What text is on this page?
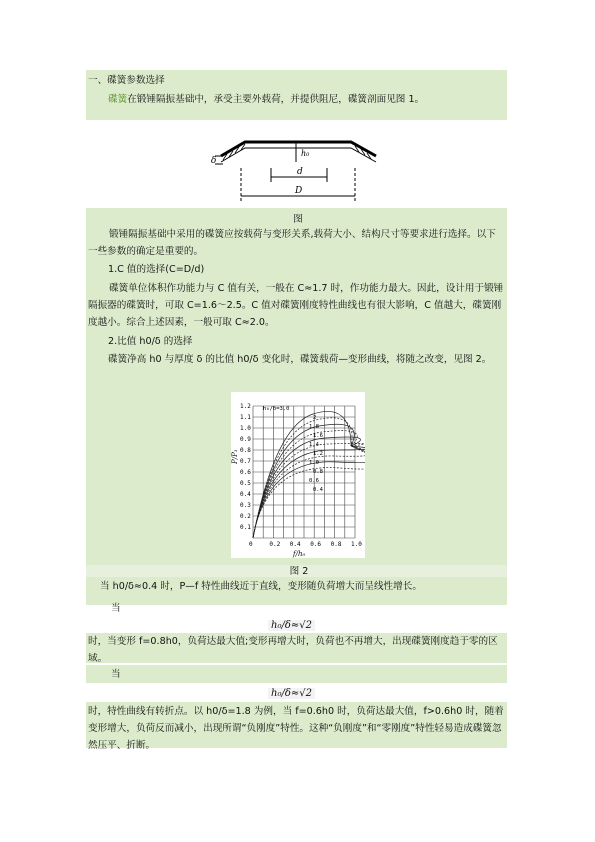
一、碟簧参数选择
碟簧在锻锤隔振基础中，承受主要外载荷，并提供阻尼，碟簧剖面见图 1。
δ
h₀
d
D
图
锻锤隔振基础中采用的碟簧应按载荷与变形关系,载荷大小、结构尺寸等要求进行选择。以下一些参数的确定是重要的。
1.C 值的选择(C=D/d)
碟簧单位体积作功能力与 C 值有关，一般在 C≈1.7 时，作功能力最大。因此，设计用于锻锤隔振器的碟簧时，可取 C=1.6～2.5。C 值对碟簧刚度特性曲线也有很大影响，C 值越大，碟簧刚度越小。综合上述因素，一般可取 C≈2.0。
2.比值 h0/δ 的选择
碟簧净高 h0 与厚度 δ 的比值 h0/δ 变化时，碟簧载荷—变形曲线，将随之改变，见图 2。
1.2
1.1
1.0
0.9
0.8
0.7
0.6
0.5
0.4
0.3
0.2
0.1
0	0.2 0.4 0.6 0.8 1.0
h₀/δ=3.0
2
1.8
1.6
1.4
1.2
1.0
0.8
0.6
0.4
P/P₁
f/h₀
图 2
当 h0/δ≈0.4 时，P—f 特性曲线近于直线，变形随负荷增大而呈线性增长。
当
h₀/δ≈√2
时，当变形 f=0.8h0，负荷达最大值;变形再增大时，负荷也不再增大，出现碟簧刚度趋于零的区域。
当
h₀/δ≈√2
时，特性曲线有转折点。以 h0/δ=1.8 为例，当 f=0.6h0 时，负荷达最大值，f>0.6h0 时，随着变形增大，负荷反而减小，出现所谓“负刚度”特性。这种“负刚度”和“零刚度”特性轻易造成碟簧忽然压平、折断。
